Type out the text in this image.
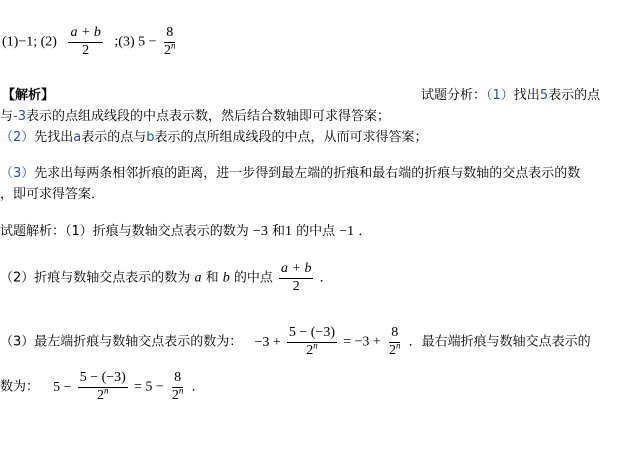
(1)−1; $(2) \frac{a + b}{2}$ ;(3) $5 - \frac{8}{2^n}$
【解析】	试题分析：（1）找出5表示的点
与-3表示的点组成线段的中点表示数，然后结合数轴即可求得答案；
（2）先找出a表示的点与b表示的点所组成线段的中点，从而可求得答案；
（3）先求出每两条相邻折痕的距离，进一步得到最左端的折痕和最右端的折痕与数轴的交点表示的数
，即可求得答案．
试题解析：（1）折痕与数轴交点表示的数为 −3 和1 的中点 −1 ．
（2）折痕与数轴交点表示的数为 a 和 b 的中点 $\frac{a + b}{2}$ ．
（3）最左端折痕与数轴交点表示的数为： $-3 + \frac{5 - (-3)}{2^n} = -3 + \frac{8}{2^n}$ ．最右端折痕与数轴交点表示的
数为： $5 - \frac{5 - (-3)}{2^n} = 5 - \frac{8}{2^n}$ ．
